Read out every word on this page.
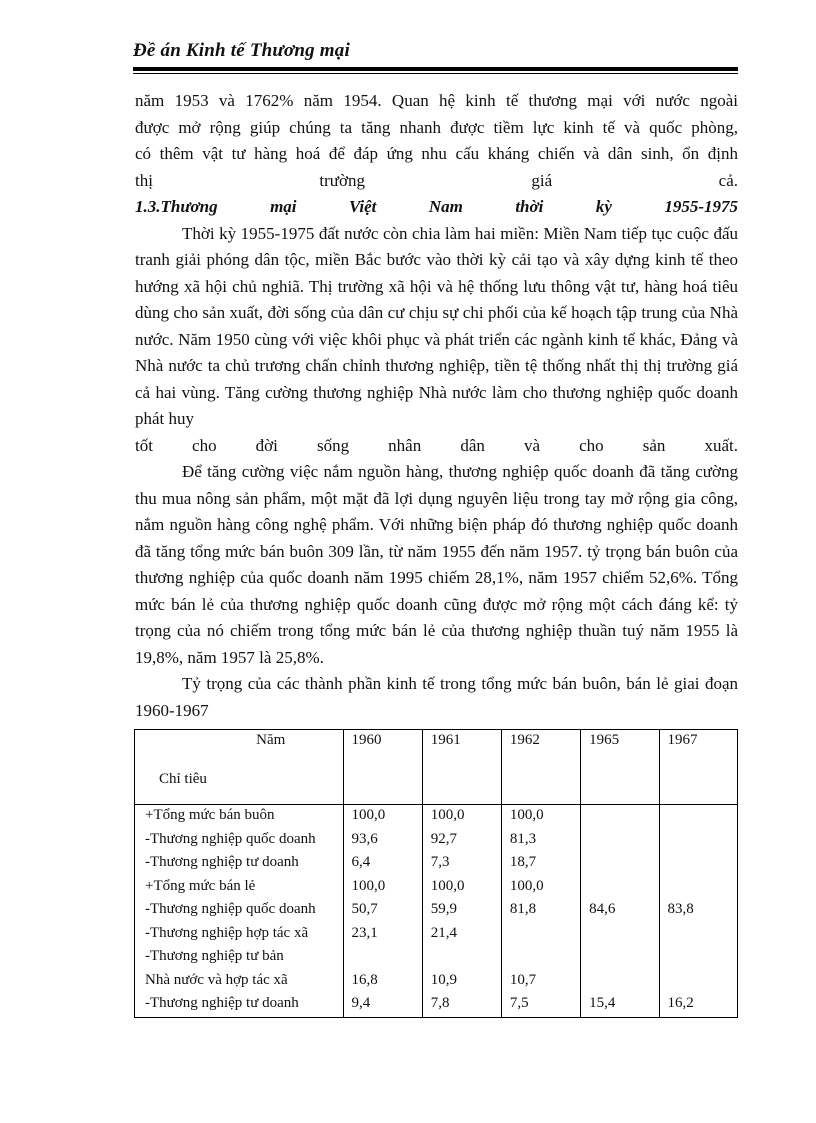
Đề án Kinh tế Thương mại

năm 1953 và 1762% năm 1954. Quan hệ kinh tế thương mại với nước ngoài

được mở rộng giúp chúng ta tăng nhanh được tiềm lực kinh tế và quốc phòng,

có thêm vật tư hàng hoá để đáp ứng nhu cấu kháng chiến và dân sinh, ổn định

thị trường giá cả.

1.3.Thương mại Việt Nam thời kỳ 1955-1975

Thời kỳ 1955-1975 đất nước còn chia làm hai miền: Miền Nam tiếp tục cuộc đấu tranh giải phóng dân tộc, miền Bắc bước vào thời kỳ cải tạo và xây dựng kinh tế theo hướng xã hội chủ nghiã. Thị trường xã hội và hệ thống lưu thông vật tư, hàng hoá tiêu dùng cho sản xuất, đời sống của dân cư chịu sự chi phối của kế hoạch tập trung của Nhà nước. Năm 1950 cùng với việc khôi phục và phát triển các ngành kinh tế khác, Đảng và Nhà nước ta chủ trương chấn chỉnh thương nghiệp, tiền tệ thống nhất thị thị trường giá cả hai vùng. Tăng cường thương nghiệp Nhà nước làm cho thương nghiệp quốc doanh phát huy

tốt cho đời sống nhân dân và cho sản xuất.

Để tăng cường việc nắm nguồn hàng, thương nghiệp quốc doanh đã tăng cường thu mua nông sản phẩm, một mặt đã lợi dụng nguyên liệu trong tay mở rộng gia công, nắm nguồn hàng công nghệ phẩm. Với những biện pháp đó thương nghiệp quốc doanh đã tăng tổng mức bán buôn 309 lần, từ năm 1955 đến năm 1957. tỷ trọng bán buôn của thương nghiệp của quốc doanh năm 1995 chiếm 28,1%, năm 1957 chiếm 52,6%. Tổng mức bán lẻ của thương nghiệp quốc doanh cũng được mở rộng một cách đáng kể: tỷ trọng của nó chiếm trong tổng mức bán lẻ của thương nghiệp thuần tuý năm 1955 là 19,8%, năm 1957 là 25,8%.

Tỷ trọng của các thành phần kinh tế trong tổng mức bán buôn, bán lẻ giai đoạn 1960-1967

Năm
Chỉ tiêu	1960	1961	1962	1965	1967
+Tổng mức bán buôn	100,0	100,0	100,0		
-Thương nghiệp quốc doanh	93,6	92,7	81,3		
-Thương nghiệp tư doanh	6,4	7,3	18,7		
+Tổng mức bán lẻ	100,0	100,0	100,0		
-Thương nghiệp quốc doanh	50,7	59,9	81,8	84,6	83,8
-Thương nghiệp hợp tác xã	23,1	21,4			
-Thương nghiệp tư bản					
Nhà nước và hợp tác xã	16,8	10,9	10,7		
-Thương nghiệp tư doanh	9,4	7,8	7,5	15,4	16,2
